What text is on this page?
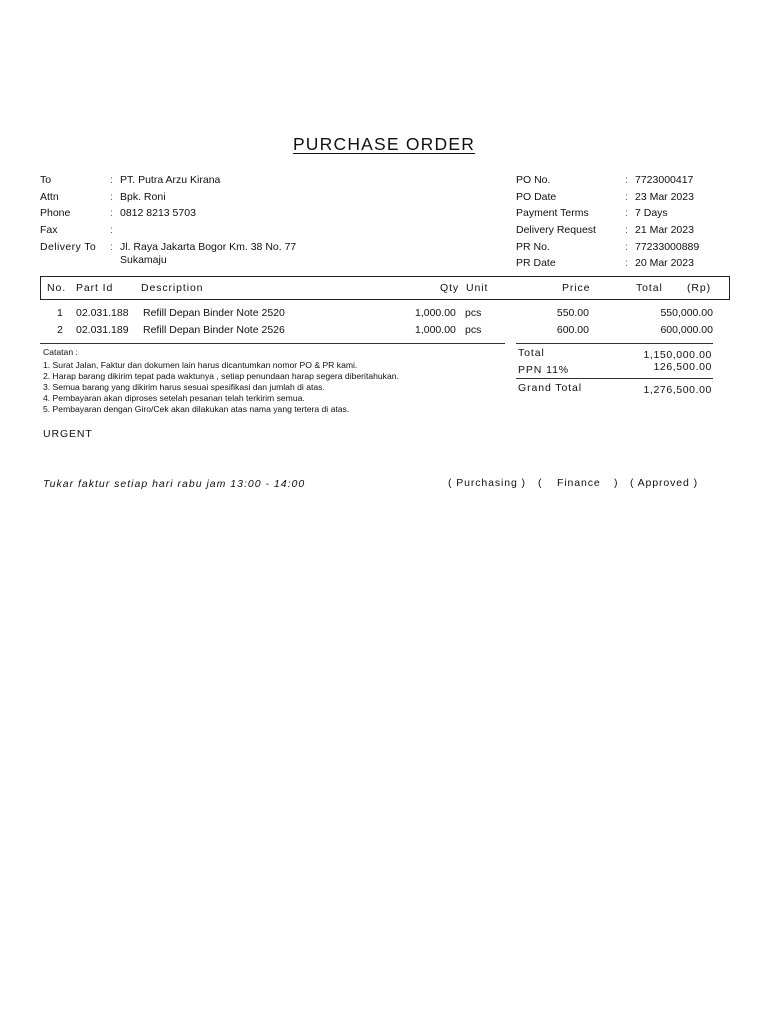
PURCHASE ORDER
To	: PT. Putra Arzu Kirana
Attn	: Bpk. Roni
Phone	: 0812 8213 5703
Fax	:
Delivery To : Jl. Raya Jakarta Bogor Km. 38 No. 77
Sukamaju
PO No.	: 7723000417
PO Date	: 23 Mar 2023
Payment Terms	: 7 Days
Delivery Request	: 21 Mar 2023
PR No.	: 77233000889
PR Date	: 20 Mar 2023
No. Part Id	Description	Qty Unit	Price	Total (Rp)
1 02.031.188 Refill Depan Binder Note 2520	1,000.00 pcs	550.00	550,000.00
2 02.031.189 Refill Depan Binder Note 2526	1,000.00 pcs	600.00	600,000.00
Catatan :
1. Surat Jalan, Faktur dan dokumen lain harus dicantumkan nomor PO & PR kami.
2. Harap barang dikirim tepat pada waktunya , setiap penundaan harap segera diberitahukan.
3. Semua barang yang dikirim harus sesuai spesifikasi dan jumlah di atas.
4. Pembayaran akan diproses setelah pesanan telah terkirim semua.
5. Pembayaran dengan Giro/Cek akan dilakukan atas nama yang tertera di atas.
Total	1,150,000.00
PPN 11%	126,500.00
Grand Total	1,276,500.00
URGENT
Tukar faktur setiap hari rabu jam 13:00 - 14:00	( Purchasing ) ( Finance ) ( Approved )
